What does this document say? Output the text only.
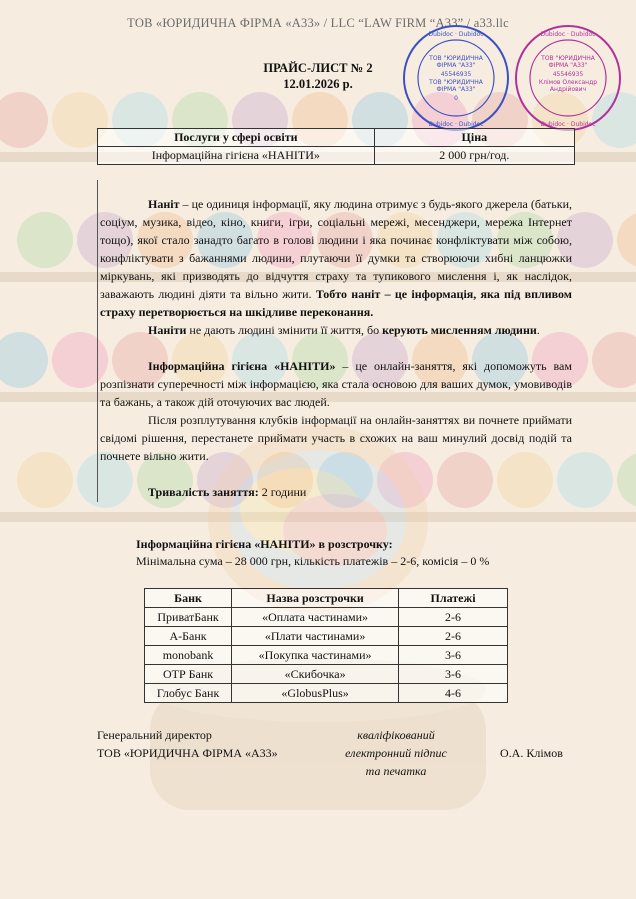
ТОВ «ЮРИДИЧНА ФІРМА «А33» / LLC “LAW FIRM “A33” / a33.llc
Dubidoc · Dubidoc
Dubidoc · Dubidoc
ТОВ "ЮРИДИЧНА
ФІРМА "А33"
45546935
ТОВ "ЮРИДИЧНА
ФІРМА "А33"
0
Dubidoc · Dubidoc
Dubidoc · Dubidoc
ТОВ "ЮРИДИЧНА
ФІРМА "А33"
45546935
Клімов Олександр
Андрійович
ПРАЙС-ЛИСТ № 2
12.01.2026 р.
Послуги у сфері освіти	Ціна
Інформаційна гігієна «НАНІТИ»	2 000 грн/год.

Наніт – це одиниця інформації, яку людина отримує з будь-якого джерела (батьки, соціум, музика, відео, кіно, книги, ігри, соціальні мережі, месенджери, мережа Інтернет тощо), якої стало занадто багато в голові людини і яка починає конфліктувати між собою, конфліктувати з бажаннями людини, плутаючи її думки та створюючи хибні ланцюжки міркувань, які призводять до відчуття страху та тупикового мислення і, як наслідок, заважають людині діяти та вільно жити. Тобто наніт – це інформація, яка під впливом страху перетворюється на шкідливе переконання.

Наніти не дають людині змінити її життя, бо керують мисленням людини.

Інформаційна гігієна «НАНІТИ» – це онлайн-заняття, які допоможуть вам розпізнати суперечності між інформацією, яка стала основою для ваших думок, умовиводів та бажань, а також дій оточуючих вас людей.

Після розплутування клубків інформації на онлайн-заняттях ви почнете приймати свідомі рішення, перестанете приймати участь в схожих на ваш минулий досвід подій та почнете вільно жити.

Тривалість заняття: 2 години

Інформаційна гігієна «НАНІТИ» в розстрочку:

Мінімальна сума – 28 000 грн, кількість платежів – 2-6, комісія – 0 %

Банк	Назва розстрочки	Платежі
ПриватБанк	«Оплата частинами»	2-6
А-Банк	«Плати частинами»	2-6
monobank	«Покупка частинами»	3-6
ОТР Банк	«Скибочка»	3-6
Глобус Банк	«GlobusPlus»	4-6
Генеральний директор
ТОВ «ЮРИДИЧНА ФІРМА «А33»
кваліфікований
електронний підпис
та печатка
О.А. Клімов
